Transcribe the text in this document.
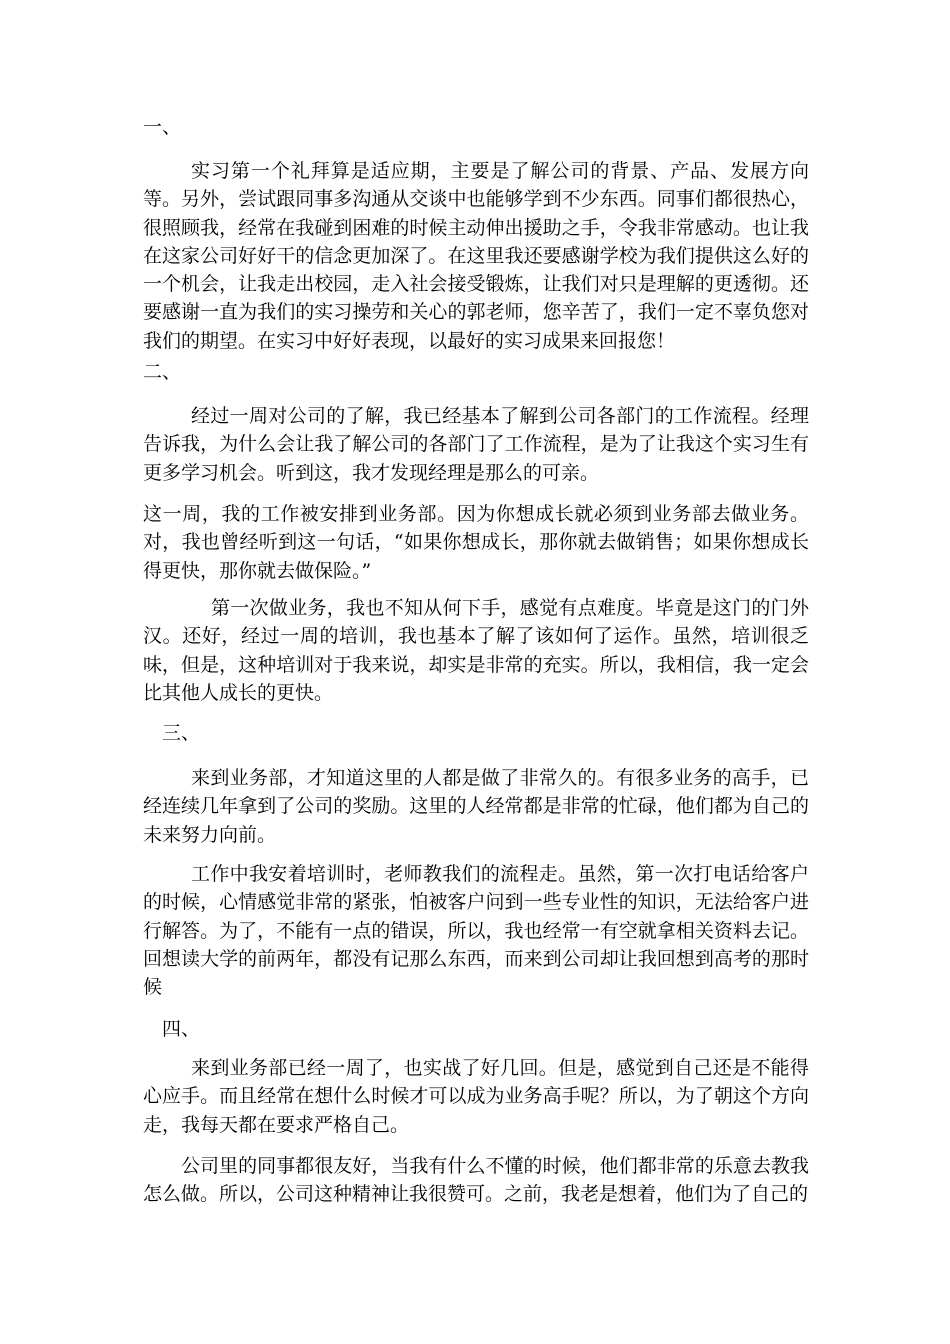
一、
实习第一个礼拜算是适应期，主要是了解公司的背景、产品、发展方向等。另外，尝试跟同事多沟通从交谈中也能够学到不少东西。同事们都很热心，很照顾我，经常在我碰到困难的时候主动伸出援助之手，令我非常感动。也让我在这家公司好好干的信念更加深了。在这里我还要感谢学校为我们提供这么好的一个机会，让我走出校园，走入社会接受锻炼，让我们对只是理解的更透彻。还要感谢一直为我们的实习操劳和关心的郭老师，您辛苦了，我们一定不辜负您对我们的期望。在实习中好好表现，以最好的实习成果来回报您！
二、
经过一周对公司的了解，我已经基本了解到公司各部门的工作流程。经理告诉我，为什么会让我了解公司的各部门了工作流程，是为了让我这个实习生有更多学习机会。听到这，我才发现经理是那么的可亲。
这一周，我的工作被安排到业务部。因为你想成长就必须到业务部去做业务。对，我也曾经听到这一句话，“如果你想成长，那你就去做销售；如果你想成长得更快，那你就去做保险。”
第一次做业务，我也不知从何下手，感觉有点难度。毕竟是这门的门外汉。还好，经过一周的培训，我也基本了解了该如何了运作。虽然，培训很乏味，但是，这种培训对于我来说，却实是非常的充实。所以，我相信，我一定会比其他人成长的更快。
三、
来到业务部，才知道这里的人都是做了非常久的。有很多业务的高手，已经连续几年拿到了公司的奖励。这里的人经常都是非常的忙碌，他们都为自己的未来努力向前。
工作中我安着培训时，老师教我们的流程走。虽然，第一次打电话给客户的时候，心情感觉非常的紧张，怕被客户问到一些专业性的知识，无法给客户进行解答。为了，不能有一点的错误，所以，我也经常一有空就拿相关资料去记。回想读大学的前两年，都没有记那么东西，而来到公司却让我回想到高考的那时候
四、
来到业务部已经一周了，也实战了好几回。但是，感觉到自己还是不能得心应手。而且经常在想什么时候才可以成为业务高手呢？所以，为了朝这个方向走，我每天都在要求严格自己。
公司里的同事都很友好，当我有什么不懂的时候，他们都非常的乐意去教我怎么做。所以，公司这种精神让我很赞可。之前，我老是想着，他们为了自己的
